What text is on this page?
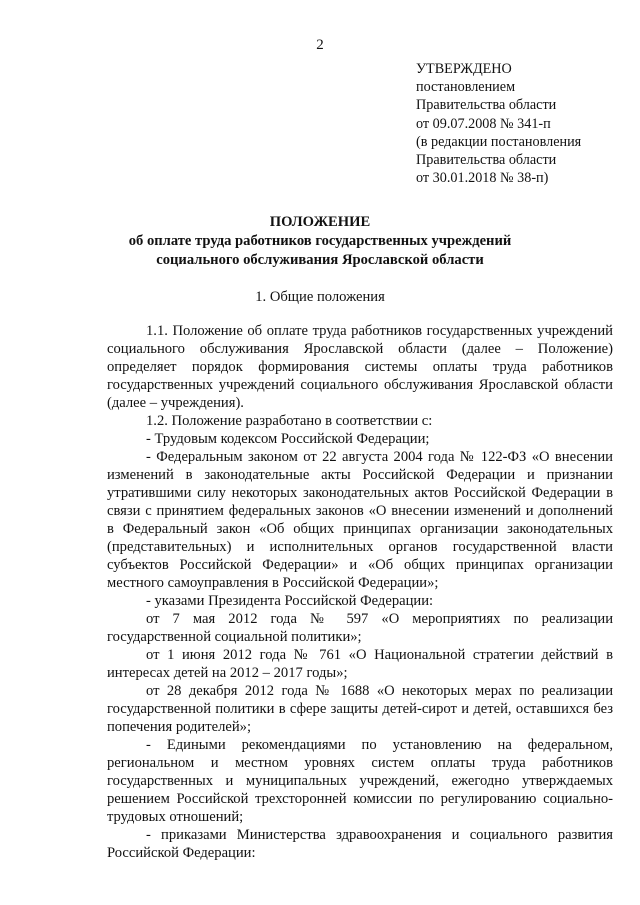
2
УТВЕРЖДЕНО
постановлением
Правительства области
от 09.07.2008 № 341-п
(в редакции постановления
Правительства области
от 30.01.2018 № 38-п)
ПОЛОЖЕНИЕ
об оплате труда работников государственных учреждений
социального обслуживания Ярославской области
1. Общие положения

1.1. Положение об оплате труда работников государственных учреждений социального обслуживания Ярославской области (далее – Положение) определяет порядок формирования системы оплаты труда работников государственных учреждений социального обслуживания Ярославской области (далее – учреждения).

1.2. Положение разработано в соответствии с:

- Трудовым кодексом Российской Федерации;

- Федеральным законом от 22 августа 2004 года № 122-ФЗ «О внесении изменений в законодательные акты Российской Федерации и признании утратившими силу некоторых законодательных актов Российской Федерации в связи с принятием федеральных законов «О внесении изменений и дополнений в Федеральный закон «Об общих принципах организации законодательных (представительных) и исполнительных органов государственной власти субъектов Российской Федерации» и «Об общих принципах организации местного самоуправления в Российской Федерации»;

- указами Президента Российской Федерации:

от 7 мая 2012 года № 597 «О мероприятиях по реализации государственной социальной политики»;

от 1 июня 2012 года № 761 «О Национальной стратегии действий в интересах детей на 2012 – 2017 годы»;

от 28 декабря 2012 года № 1688 «О некоторых мерах по реализации государственной политики в сфере защиты детей-сирот и детей, оставшихся без попечения родителей»;

- Едиными рекомендациями по установлению на федеральном, региональном и местном уровнях систем оплаты труда работников государственных и муниципальных учреждений, ежегодно утверждаемых решением Российской трехсторонней комиссии по регулированию социально-трудовых отношений;

- приказами Министерства здравоохранения и социального развития Российской Федерации:
